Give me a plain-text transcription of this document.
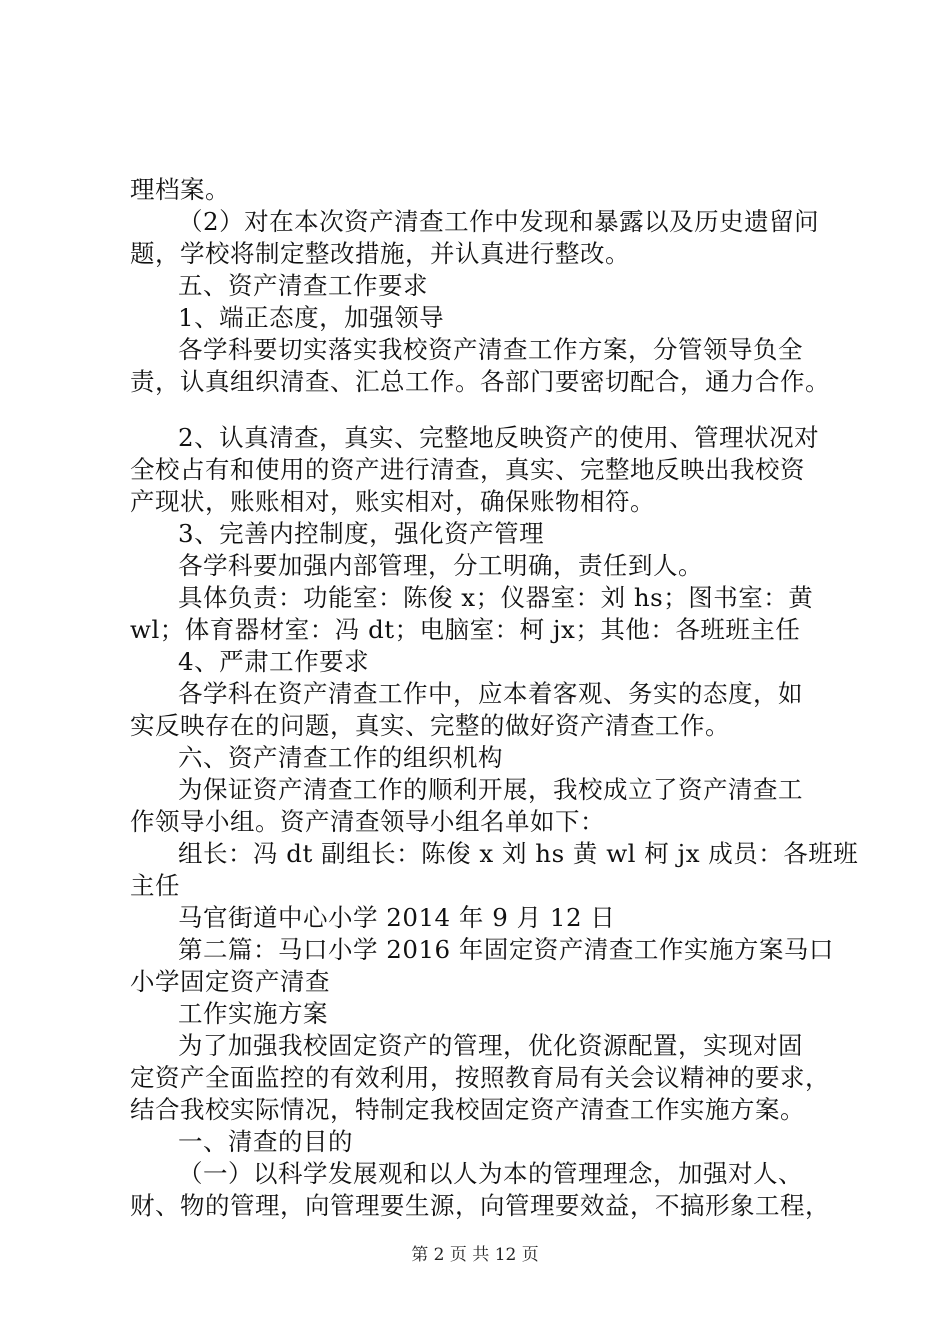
理档案。
（2）对在本次资产清查工作中发现和暴露以及历史遗留问
题，学校将制定整改措施，并认真进行整改。
五、资产清查工作要求
1、端正态度，加强领导
各学科要切实落实我校资产清查工作方案，分管领导负全
责，认真组织清查、汇总工作。各部门要密切配合，通力合作。
2、认真清查，真实、完整地反映资产的使用、管理状况对
全校占有和使用的资产进行清查，真实、完整地反映出我校资
产现状，账账相对，账实相对，确保账物相符。
3、完善内控制度，强化资产管理
各学科要加强内部管理，分工明确，责任到人。
具体负责：功能室：陈俊 x；仪器室：刘 hs；图书室：黄
wl；体育器材室：冯 dt；电脑室：柯 jx；其他：各班班主任
4、严肃工作要求
各学科在资产清查工作中，应本着客观、务实的态度，如
实反映存在的问题，真实、完整的做好资产清查工作。
六、资产清查工作的组织机构
为保证资产清查工作的顺利开展，我校成立了资产清查工
作领导小组。资产清查领导小组名单如下：
组长：冯 dt 副组长：陈俊 x 刘 hs 黄 wl 柯 jx 成员：各班班
主任
马官街道中心小学 2014 年 9 月 12 日
第二篇：马口小学 2016 年固定资产清查工作实施方案马口
小学固定资产清查
工作实施方案
为了加强我校固定资产的管理，优化资源配置，实现对固
定资产全面监控的有效利用，按照教育局有关会议精神的要求，
结合我校实际情况，特制定我校固定资产清查工作实施方案。
一、清查的目的
（一）以科学发展观和以人为本的管理理念，加强对人、
财、物的管理，向管理要生源，向管理要效益，不搞形象工程，
第 2 页 共 12 页
